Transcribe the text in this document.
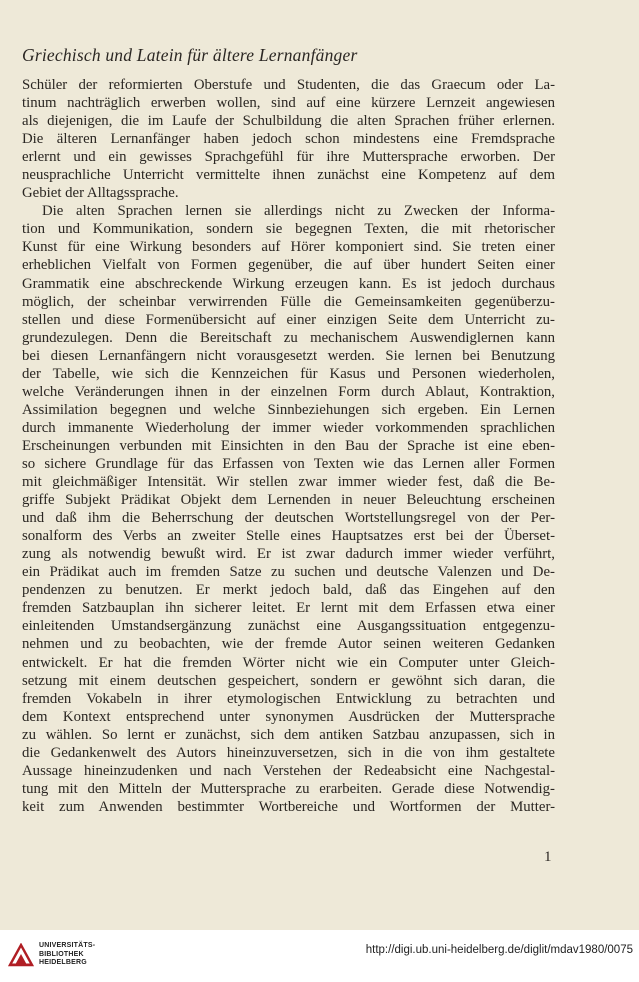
Griechisch und Latein für ältere Lernanfänger
Schüler der reformierten Oberstufe und Studenten, die das Graecum oder La-
tinum nachträglich erwerben wollen, sind auf eine kürzere Lernzeit angewiesen
als diejenigen, die im Laufe der Schulbildung die alten Sprachen früher erlernen.
Die älteren Lernanfänger haben jedoch schon mindestens eine Fremdsprache
erlernt und ein gewisses Sprachgefühl für ihre Muttersprache erworben. Der
neusprachliche Unterricht vermittelte ihnen zunächst eine Kompetenz auf dem
Gebiet der Alltagssprache.
Die alten Sprachen lernen sie allerdings nicht zu Zwecken der Informa-
tion und Kommunikation, sondern sie begegnen Texten, die mit rhetorischer
Kunst für eine Wirkung besonders auf Hörer komponiert sind. Sie treten einer
erheblichen Vielfalt von Formen gegenüber, die auf über hundert Seiten einer
Grammatik eine abschreckende Wirkung erzeugen kann. Es ist jedoch durchaus
möglich, der scheinbar verwirrenden Fülle die Gemeinsamkeiten gegenüberzu-
stellen und diese Formenübersicht auf einer einzigen Seite dem Unterricht zu-
grundezulegen. Denn die Bereitschaft zu mechanischem Auswendiglernen kann
bei diesen Lernanfängern nicht vorausgesetzt werden. Sie lernen bei Benutzung
der Tabelle, wie sich die Kennzeichen für Kasus und Personen wiederholen,
welche Veränderungen ihnen in der einzelnen Form durch Ablaut, Kontraktion,
Assimilation begegnen und welche Sinnbeziehungen sich ergeben. Ein Lernen
durch immanente Wiederholung der immer wieder vorkommenden sprachlichen
Erscheinungen verbunden mit Einsichten in den Bau der Sprache ist eine eben-
so sichere Grundlage für das Erfassen von Texten wie das Lernen aller Formen
mit gleichmäßiger Intensität. Wir stellen zwar immer wieder fest, daß die Be-
griffe Subjekt Prädikat Objekt dem Lernenden in neuer Beleuchtung erscheinen
und daß ihm die Beherrschung der deutschen Wortstellungsregel von der Per-
sonalform des Verbs an zweiter Stelle eines Hauptsatzes erst bei der Überset-
zung als notwendig bewußt wird. Er ist zwar dadurch immer wieder verführt,
ein Prädikat auch im fremden Satze zu suchen und deutsche Valenzen und De-
pendenzen zu benutzen. Er merkt jedoch bald, daß das Eingehen auf den
fremden Satzbauplan ihn sicherer leitet. Er lernt mit dem Erfassen etwa einer
einleitenden Umstandsergänzung zunächst eine Ausgangssituation entgegenzu-
nehmen und zu beobachten, wie der fremde Autor seinen weiteren Gedanken
entwickelt. Er hat die fremden Wörter nicht wie ein Computer unter Gleich-
setzung mit einem deutschen gespeichert, sondern er gewöhnt sich daran, die
fremden Vokabeln in ihrer etymologischen Entwicklung zu betrachten und
dem Kontext entsprechend unter synonymen Ausdrücken der Muttersprache
zu wählen. So lernt er zunächst, sich dem antiken Satzbau anzupassen, sich in
die Gedankenwelt des Autors hineinzuversetzen, sich in die von ihm gestaltete
Aussage hineinzudenken und nach Verstehen der Redeabsicht eine Nachgestal-
tung mit den Mitteln der Muttersprache zu erarbeiten. Gerade diese Notwendig-
keit zum Anwenden bestimmter Wortbereiche und Wortformen der Mutter-
1
UNIVERSITÄTS-
BIBLIOTHEK
HEIDELBERG
http://digi.ub.uni-heidelberg.de/diglit/mdav1980/0075
